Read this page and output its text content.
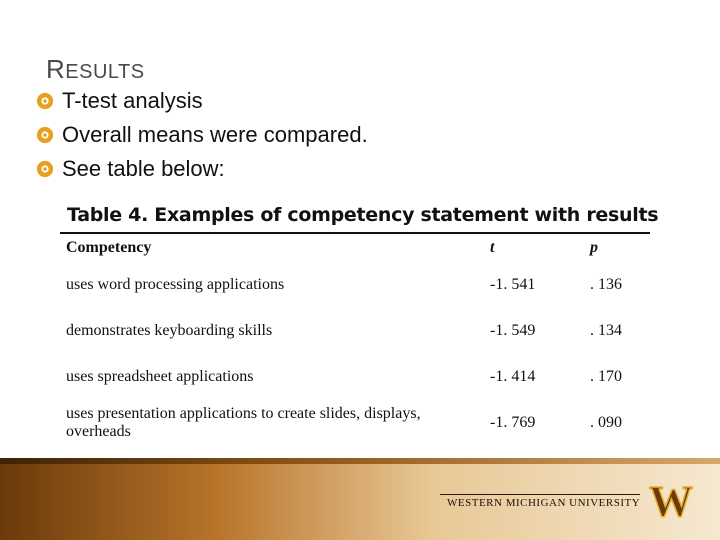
RESULTS
T-test analysis
Overall means were compared.
See table below:
Table 4. Examples of competency statement with results
Competency	t	p
uses word processing applications	-1. 541	. 136
demonstrates keyboarding skills	-1. 549	. 134
uses spreadsheet applications	-1. 414	. 170
uses presentation applications to create slides, displays, overheads	-1. 769	. 090
WESTERN MICHIGAN UNIVERSITY W
